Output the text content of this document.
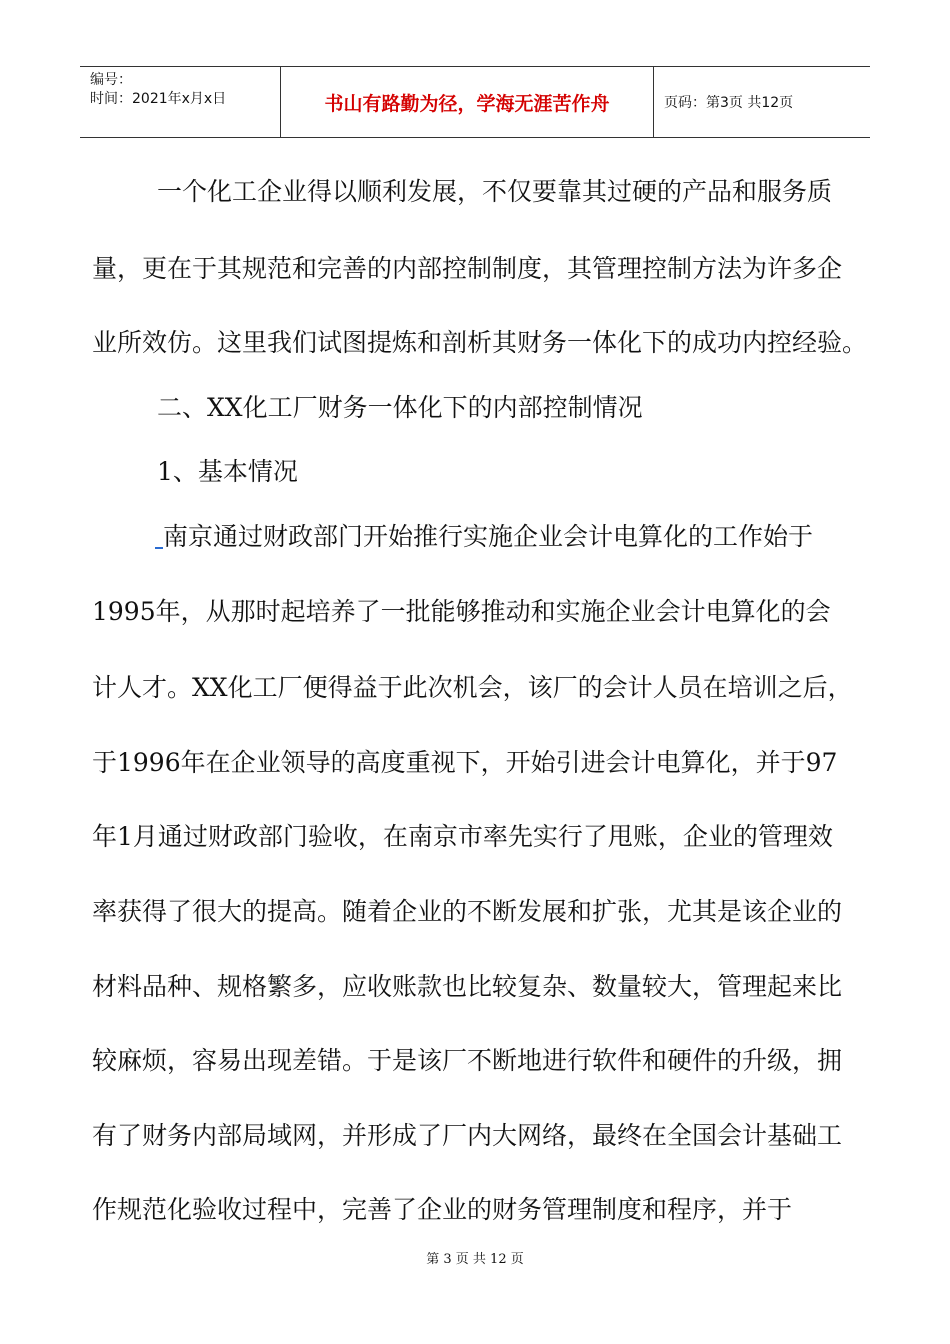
编号：
时间：2021年x月x日	书山有路勤为径，学海无涯苦作舟	页码：第3页 共12页
一个化工企业得以顺利发展，不仅要靠其过硬的产品和服务质
量，更在于其规范和完善的内部控制制度，其管理控制方法为许多企
业所效仿。这里我们试图提炼和剖析其财务一体化下的成功内控经验。
二、XX化工厂财务一体化下的内部控制情况
1、基本情况
南京通过财政部门开始推行实施企业会计电算化的工作始于
1995年，从那时起培养了一批能够推动和实施企业会计电算化的会
计人才。XX化工厂便得益于此次机会，该厂的会计人员在培训之后，
于1996年在企业领导的高度重视下，开始引进会计电算化，并于97
年1月通过财政部门验收，在南京市率先实行了甩账，企业的管理效
率获得了很大的提高。随着企业的不断发展和扩张，尤其是该企业的
材料品种、规格繁多，应收账款也比较复杂、数量较大，管理起来比
较麻烦，容易出现差错。于是该厂不断地进行软件和硬件的升级，拥
有了财务内部局域网，并形成了厂内大网络，最终在全国会计基础工
作规范化验收过程中，完善了企业的财务管理制度和程序，并于
第 3 页 共 12 页
